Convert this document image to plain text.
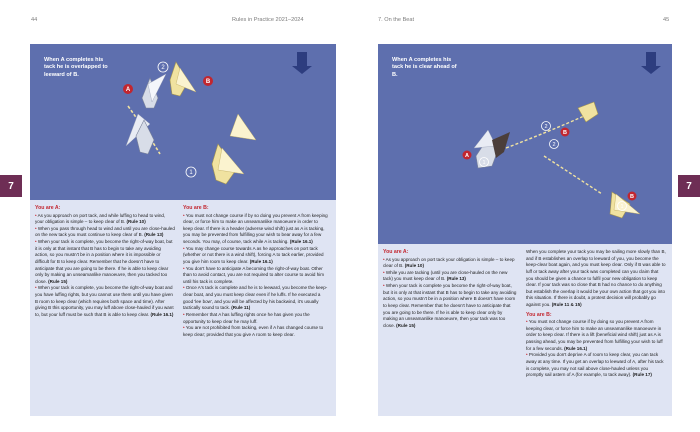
44	Rules in Practice 2021–2024
When A completes his tack he is overlapped to leeward of B.
A
B
1
2

You are A:

• As you approach on port tack, and while luffing to head to wind, your obligation is simple – to keep clear of B. (Rule 10)

• When you pass through head to wind and until you are close-hauled on the new tack you must continue to keep clear of B. (Rule 13)

• When your tack is complete, you become the right-of-way boat, but it is only at that instant that B has to begin to take any avoiding action, so you mustn't be in a position where it is impossible or difficult for B to keep clear. Remember that he doesn't have to anticipate that you are going to be there. If he is able to keep clear only by making an unseamanlike manoeuvre, then you tacked too close. (Rule 15)

• When your tack is complete, you become the right-of-way boat and you have luffing rights, but you cannot use them until you have given B room to keep clear (which requires both space and time). After giving B this opportunity, you may luff above close-hauled if you want to, but your luff must be such that B is able to keep clear. (Rule 16.1)

You are B:

• You must not change course if by so doing you prevent A from keeping clear, or force him to make an unseamanlike manoeuvre in order to keep clear. If there is a header (adverse wind shift) just as A is tacking, you may be prevented from fulfilling your wish to bear away for a few seconds. You may, of course, tack while A is tacking. (Rule 16.1)

• You may change course towards A as he approaches on port tack (whether or not there is a wind shift), forcing A to tack earlier, provided you give him room to keep clear. (Rule 16.1)

• You don't have to anticipate A becoming the right-of-way boat. Other than to avoid contact, you are not required to alter course to avoid him until his tack is complete.

• Once A's tack is complete and he is to leeward, you become the keep-clear boat, and you must keep clear even if he luffs. If he executed a good 'lee bow', and you will be affected by his backwind, it's usually tactically sound to tack. (Rule 11)

• Remember that A has luffing rights once he has given you the opportunity to keep clear he may luff.

• You are not prohibited from tacking, even if A has changed course to keep clear; provided that you give A room to keep clear.

7
7. On the Beat	45
When A completes his tack he is clear ahead of B.
A
B
B
1
1
2
2

You are A:

• As you approach on port tack your obligation is simple – to keep clear of B. (Rule 10)

• While you are tacking (until you are close-hauled on the new tack) you must keep clear of B. (Rule 13)

• When your tack is complete you become the right-of-way boat, but it is only at that instant that B has to begin to take any avoiding action, so you mustn't be in a position where B doesn't have room to keep clear. Remember that he doesn't have to anticipate that you are going to be there. If he is able to keep clear only by making an unseamanlike manoeuvre, then your tack was too close. (Rule 15)

When you complete your tack you may be sailing more slowly than B, and if B establishes an overlap to leeward of you, you become the keep-clear boat again, and you must keep clear. Only if B was able to luff or tack away after your tack was completed can you claim that you should be given a chance to fulfil your new obligation to keep clear. If your tack was so close that B had no chance to do anything but establish the overlap it would be your own action that got you into this situation. If there is doubt, a protest decision will probably go against you. (Rule 11 & 15)

You are B:

• You must not change course if by doing so you prevent A from keeping clear, or force him to make an unseamanlike manoeuvre in order to keep clear. If there is a lift (beneficial wind shift) just as A is passing ahead, you may be prevented from fulfilling your wish to luff for a few seconds. (Rule 16.1)

• Provided you don't deprive A of room to keep clear, you can tack away at any time. If you get an overlap to leeward of A, after his tack is complete, you may not sail above close-hauled unless you promptly sail astern of A (for example, to tack away). (Rule 17)

7
